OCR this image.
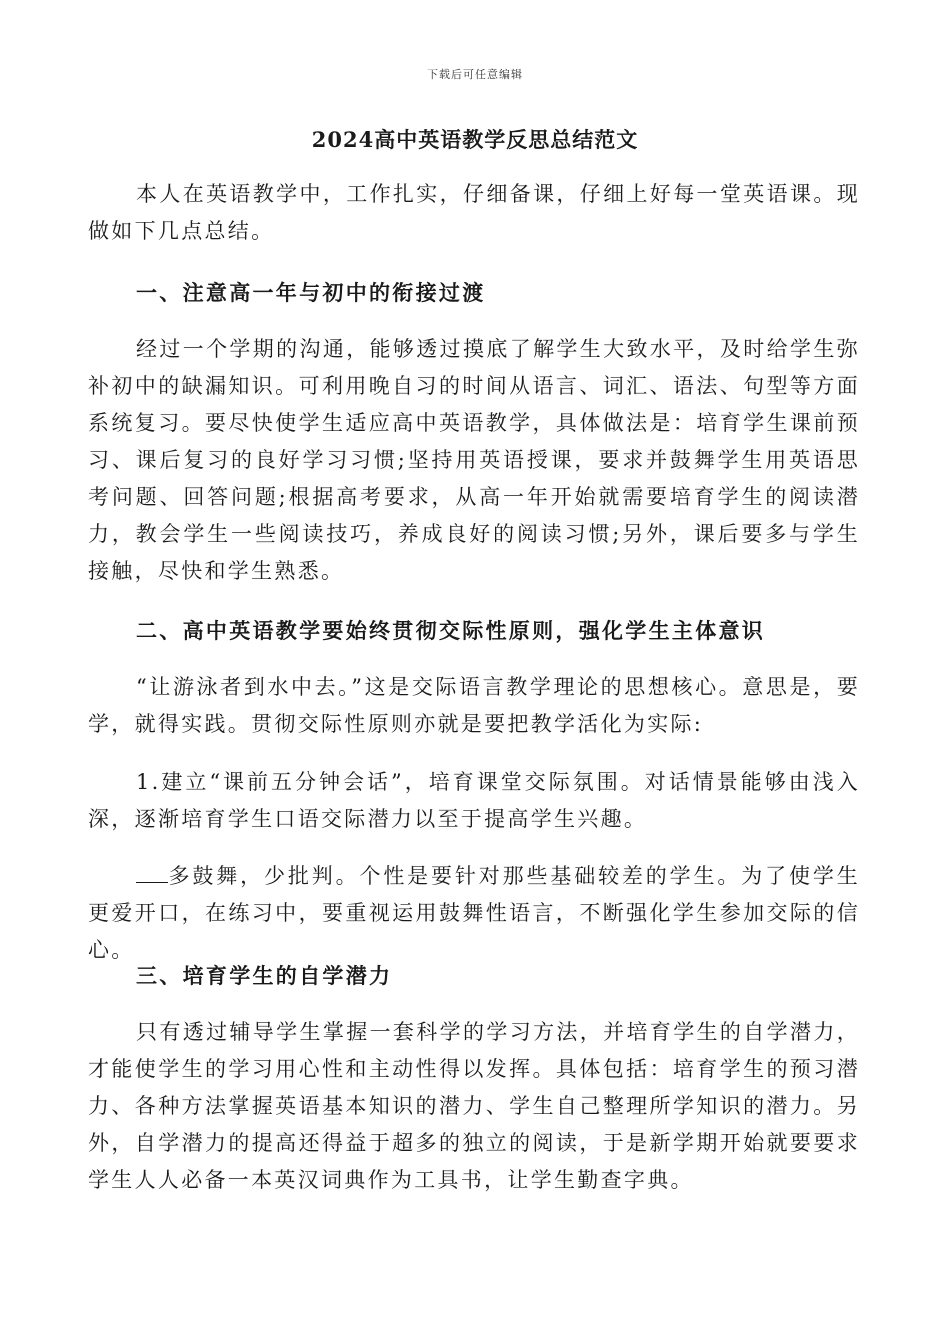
下载后可任意编辑
2024高中英语教学反思总结范文

本人在英语教学中，工作扎实，仔细备课，仔细上好每一堂英语课。现做如下几点总结。

一、注意高一年与初中的衔接过渡

经过一个学期的沟通，能够透过摸底了解学生大致水平，及时给学生弥补初中的缺漏知识。可利用晚自习的时间从语言、词汇、语法、句型等方面系统复习。要尽快使学生适应高中英语教学，具体做法是：培育学生课前预习、课后复习的良好学习习惯;坚持用英语授课，要求并鼓舞学生用英语思考问题、回答问题;根据高考要求，从高一年开始就需要培育学生的阅读潜力，教会学生一些阅读技巧，养成良好的阅读习惯;另外，课后要多与学生接触，尽快和学生熟悉。

二、高中英语教学要始终贯彻交际性原则，强化学生主体意识

“让游泳者到水中去。”这是交际语言教学理论的思想核心。意思是，要学，就得实践。贯彻交际性原则亦就是要把教学活化为实际:

1.建立“课前五分钟会话”，培育课堂交际氛围。对话情景能够由浅入深，逐渐培育学生口语交际潜力以至于提高学生兴趣。

多鼓舞，少批判。个性是要针对那些基础较差的学生。为了使学生更爱开口，在练习中，要重视运用鼓舞性语言，不断强化学生参加交际的信心。

三、培育学生的自学潜力

只有透过辅导学生掌握一套科学的学习方法，并培育学生的自学潜力，才能使学生的学习用心性和主动性得以发挥。具体包括：培育学生的预习潜力、各种方法掌握英语基本知识的潜力、学生自己整理所学知识的潜力。另外，自学潜力的提高还得益于超多的独立的阅读，于是新学期开始就要要求学生人人必备一本英汉词典作为工具书，让学生勤查字典。
